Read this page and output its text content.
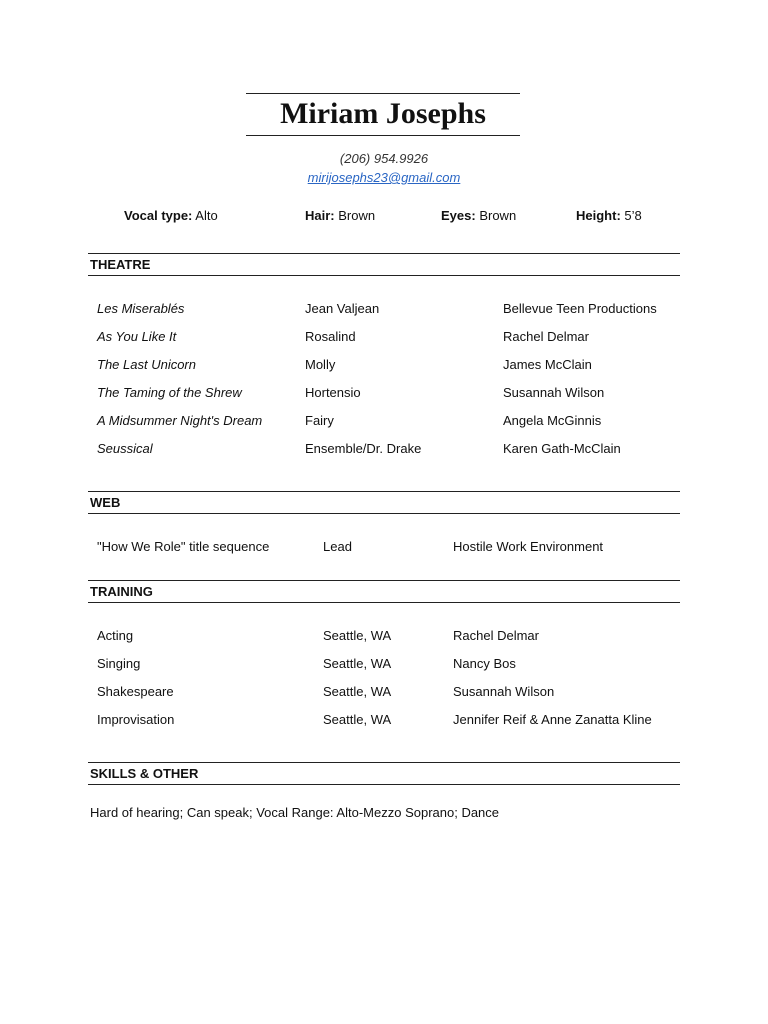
Miriam Josephs
(206) 954.9926
mirijosephs23@gmail.com
Vocal type: Alto	Hair: Brown	Eyes: Brown	Height: 5’8
THEATRE
Les Miserablés	Jean Valjean	Bellevue Teen Productions
As You Like It	Rosalind	Rachel Delmar
The Last Unicorn	Molly	James McClain
The Taming of the Shrew	Hortensio	Susannah Wilson
A Midsummer Night's Dream	Fairy	Angela McGinnis
Seussical	Ensemble/Dr. Drake	Karen Gath-McClain
WEB
"How We Role" title sequence	Lead	Hostile Work Environment
TRAINING
Acting	Seattle, WA	Rachel Delmar
Singing	Seattle, WA	Nancy Bos
Shakespeare	Seattle, WA	Susannah Wilson
Improvisation	Seattle, WA	Jennifer Reif & Anne Zanatta Kline
SKILLS & OTHER
Hard of hearing; Can speak; Vocal Range: Alto-Mezzo Soprano; Dance
